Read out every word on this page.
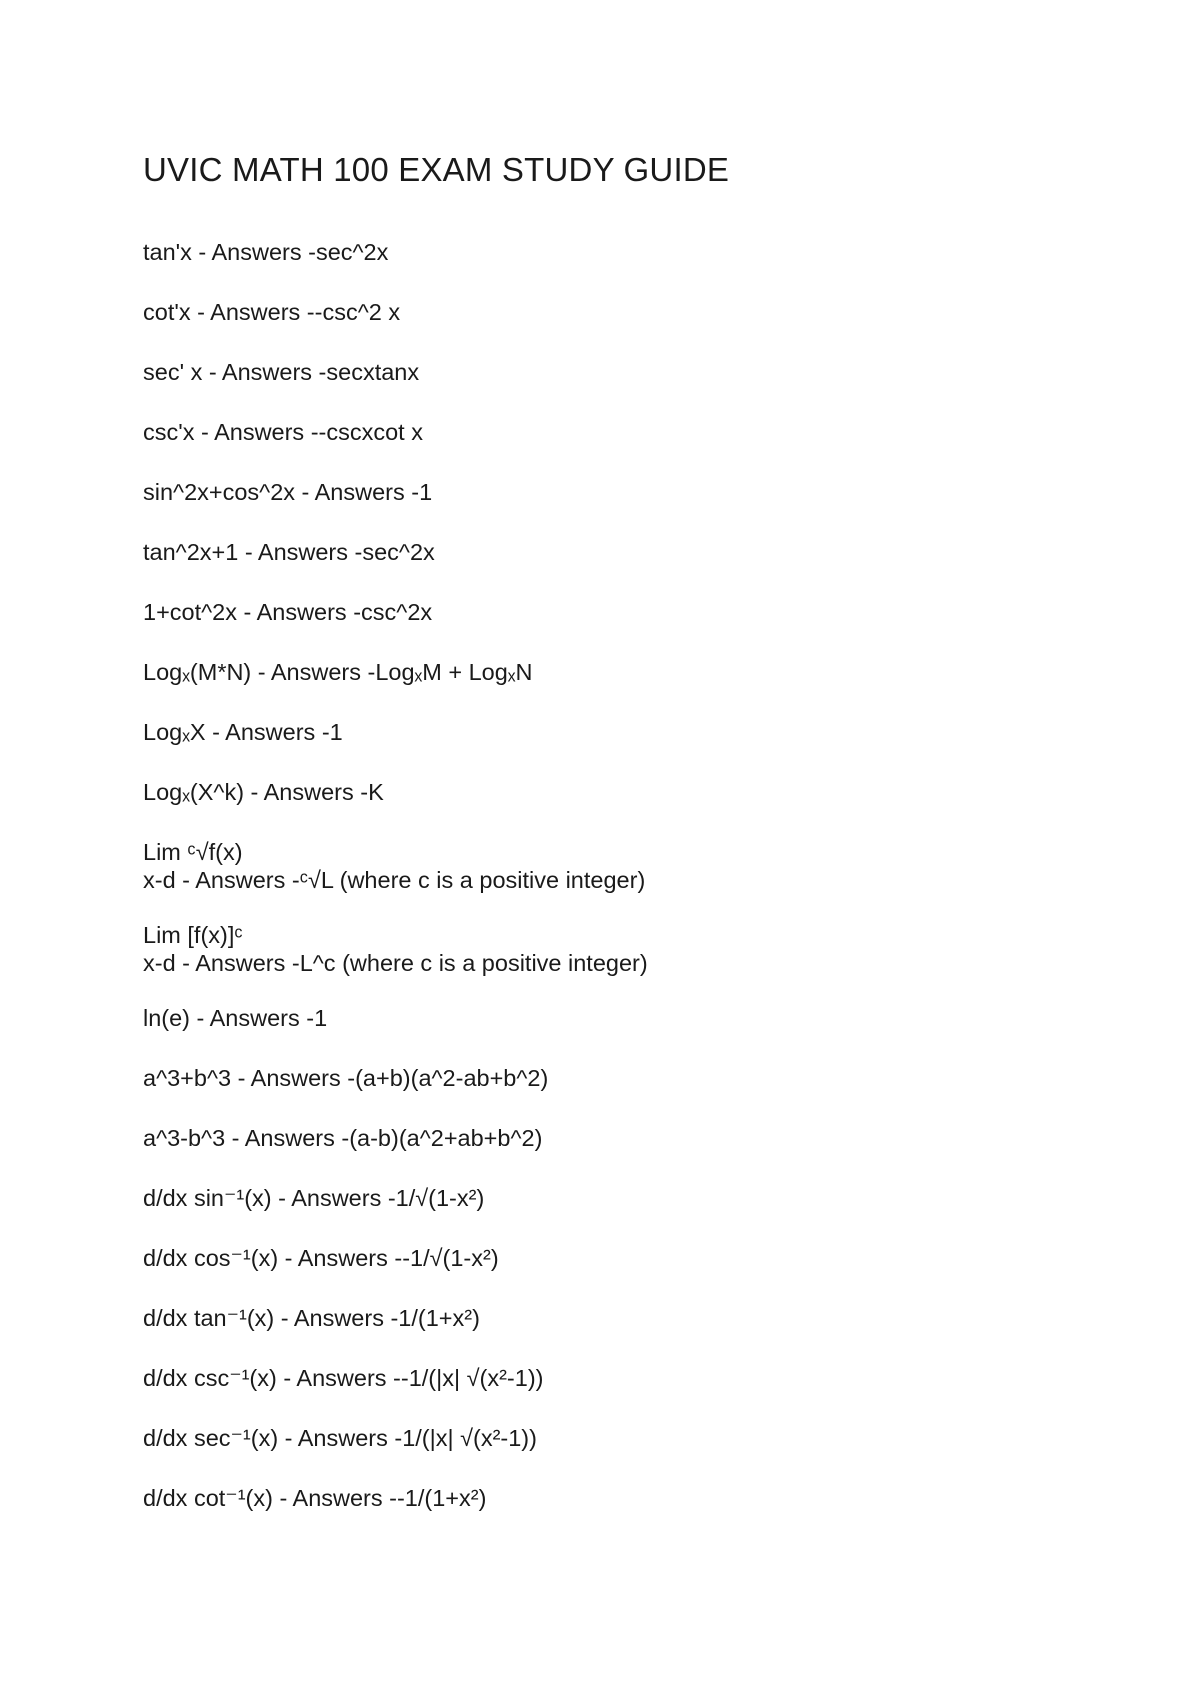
UVIC MATH 100 EXAM STUDY GUIDE
tan'x - Answers -sec^2x
cot'x - Answers --csc^2 x
sec' x - Answers -secxtanx
csc'x - Answers --cscxcot x
sin^2x+cos^2x - Answers -1
tan^2x+1 - Answers -sec^2x
1+cot^2x - Answers -csc^2x
Logₓ(M*N) - Answers -LogₓM + LogₓN
LogₓX - Answers -1
Logₓ(X^k) - Answers -K
Lim ᶜ√f(x)
x-d - Answers -ᶜ√L (where c is a positive integer)
Lim [f(x)]ᶜ
x-d - Answers -L^c (where c is a positive integer)
ln(e) - Answers -1
a^3+b^3 - Answers -(a+b)(a^2-ab+b^2)
a^3-b^3 - Answers -(a-b)(a^2+ab+b^2)
d/dx sin⁻¹(x) - Answers -1/√(1-x²)
d/dx cos⁻¹(x) - Answers --1/√(1-x²)
d/dx tan⁻¹(x) - Answers -1/(1+x²)
d/dx csc⁻¹(x) - Answers --1/(|x| √(x²-1))
d/dx sec⁻¹(x) - Answers -1/(|x| √(x²-1))
d/dx cot⁻¹(x) - Answers --1/(1+x²)
